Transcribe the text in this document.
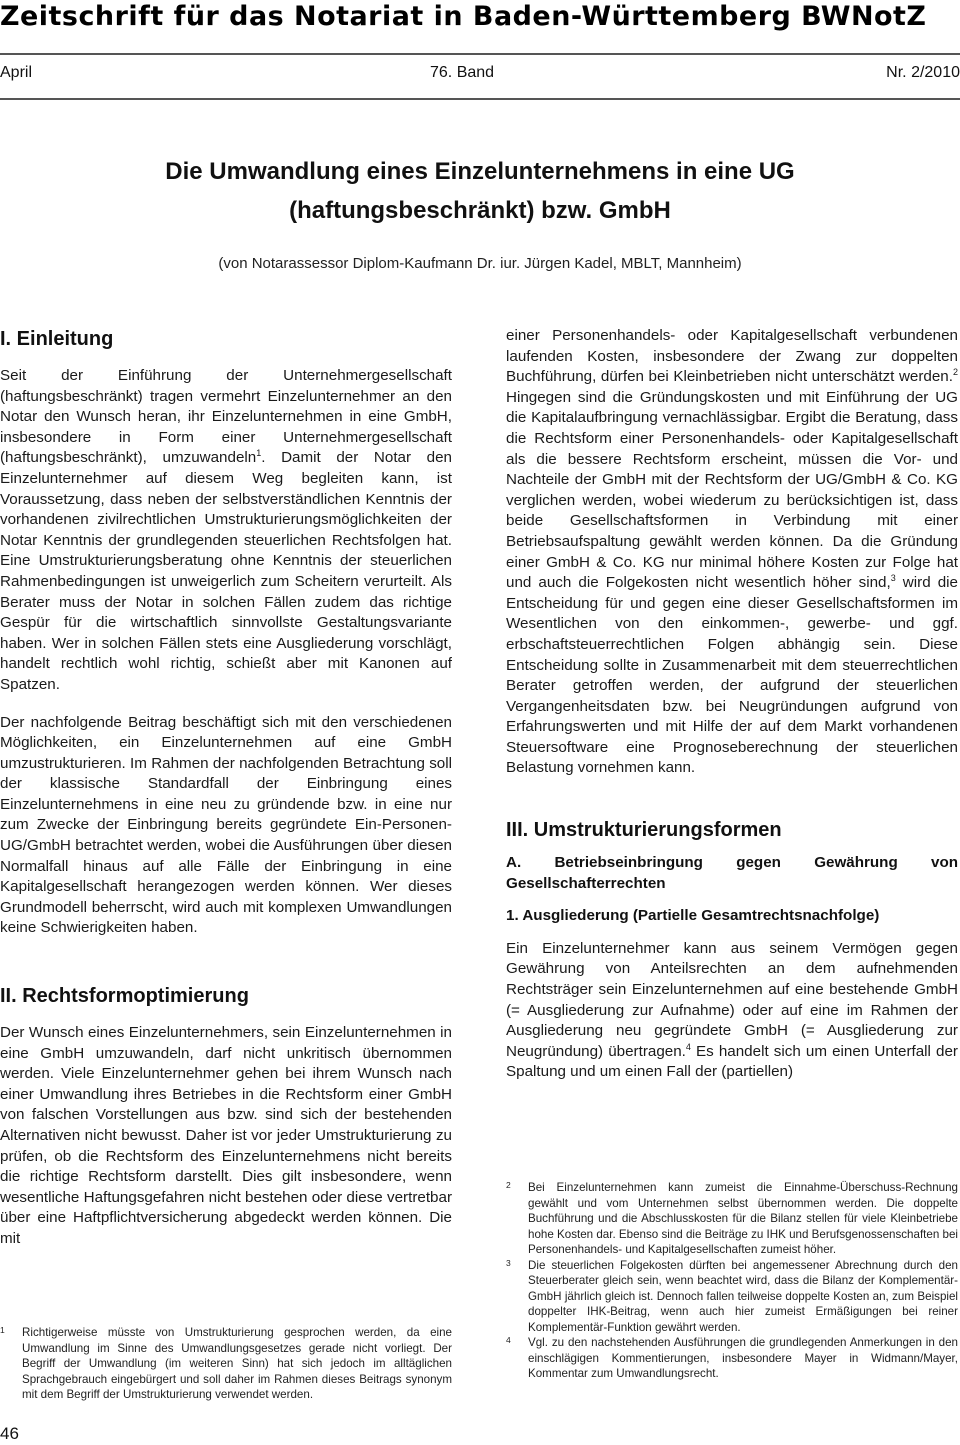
Zeitschrift für das Notariat in Baden-Württemberg BWNotZ
April	76. Band	Nr. 2/2010
Die Umwandlung eines Einzelunternehmens in eine UG
(haftungsbeschränkt) bzw. GmbH
(von Notarassessor Diplom-Kaufmann Dr. iur. Jürgen Kadel, MBLT, Mannheim)
I. Einleitung

Seit der Einführung der Unternehmergesellschaft (haftungsbeschränkt) tragen vermehrt Einzelunternehmer an den Notar den Wunsch heran, ihr Einzelunternehmen in eine GmbH, insbesondere in Form einer Unternehmergesellschaft (haftungsbeschränkt), umzuwandeln$^1$. Damit der Notar den Einzelunternehmer auf diesem Weg begleiten kann, ist Voraussetzung, dass neben der selbstverständlichen Kenntnis der vorhandenen zivilrechtlichen Umstrukturierungsmöglichkeiten der Notar Kenntnis der grundlegenden steuerlichen Rechtsfolgen hat. Eine Umstrukturierungsberatung ohne Kenntnis der steuerlichen Rahmenbedingungen ist unweigerlich zum Scheitern verurteilt. Als Berater muss der Notar in solchen Fällen zudem das richtige Gespür für die wirtschaftlich sinnvollste Gestaltungsvariante haben. Wer in solchen Fällen stets eine Ausgliederung vorschlägt, handelt rechtlich wohl richtig, schießt aber mit Kanonen auf Spatzen.

Der nachfolgende Beitrag beschäftigt sich mit den verschiedenen Möglichkeiten, ein Einzelunternehmen auf eine GmbH umzustrukturieren. Im Rahmen der nachfolgenden Betrachtung soll der klassische Standardfall der Einbringung eines Einzelunternehmens in eine neu zu gründende bzw. in eine nur zum Zwecke der Einbringung bereits gegründete Ein-Personen-UG/GmbH betrachtet werden, wobei die Ausführungen über diesen Normalfall hinaus auf alle Fälle der Einbringung in eine Kapitalgesellschaft herangezogen werden können. Wer dieses Grundmodell beherrscht, wird auch mit komplexen Umwandlungen keine Schwierigkeiten haben.

II. Rechtsformoptimierung

Der Wunsch eines Einzelunternehmers, sein Einzelunternehmen in eine GmbH umzuwandeln, darf nicht unkritisch übernommen werden. Viele Einzelunternehmer gehen bei ihrem Wunsch nach einer Umwandlung ihres Betriebes in die Rechtsform einer GmbH von falschen Vorstellungen aus bzw. sind sich der bestehenden Alternativen nicht bewusst. Daher ist vor jeder Umstrukturierung zu prüfen, ob die Rechtsform des Einzelunternehmens nicht bereits die richtige Rechtsform darstellt. Dies gilt insbesondere, wenn wesentliche Haftungsgefahren nicht bestehen oder diese vertretbar über eine Haftpflichtversicherung abgedeckt werden können. Die mit

einer Personenhandels- oder Kapitalgesellschaft verbundenen laufenden Kosten, insbesondere der Zwang zur doppelten Buchführung, dürfen bei Kleinbetrieben nicht unterschätzt werden.$^2$ Hingegen sind die Gründungskosten und mit Einführung der UG die Kapitalaufbringung vernachlässigbar. Ergibt die Beratung, dass die Rechtsform einer Personenhandels- oder Kapitalgesellschaft als die bessere Rechtsform erscheint, müssen die Vor- und Nachteile der GmbH mit der Rechtsform der UG/GmbH & Co. KG verglichen werden, wobei wiederum zu berücksichtigen ist, dass beide Gesellschaftsformen in Verbindung mit einer Betriebsaufspaltung gewählt werden können. Da die Gründung einer GmbH & Co. KG nur minimal höhere Kosten zur Folge hat und auch die Folgekosten nicht wesentlich höher sind,$^3$ wird die Entscheidung für und gegen eine dieser Gesellschaftsformen im Wesentlichen von den einkommen-, gewerbe- und ggf. erbschaftsteuerrechtlichen Folgen abhängig sein. Diese Entscheidung sollte in Zusammenarbeit mit dem steuerrechtlichen Berater getroffen werden, der aufgrund der steuerlichen Vergangenheitsdaten bzw. bei Neugründungen aufgrund von Erfahrungswerten und mit Hilfe der auf dem Markt vorhandenen Steuersoftware eine Prognoseberechnung der steuerlichen Belastung vornehmen kann.

III. Umstrukturierungsformen
A. Betriebseinbringung gegen Gewährung von Gesellschafterrechten
1. Ausgliederung (Partielle Gesamtrechtsnachfolge)

Ein Einzelunternehmer kann aus seinem Vermögen gegen Gewährung von Anteilsrechten an dem aufnehmenden Rechtsträger sein Einzelunternehmen auf eine bestehende GmbH (= Ausgliederung zur Aufnahme) oder auf eine im Rahmen der Ausgliederung neu gegründete GmbH (= Ausgliederung zur Neugründung) übertragen.$^4$ Es handelt sich um einen Unterfall der Spaltung und um einen Fall der (partiellen)

1 Richtigerweise müsste von Umstrukturierung gesprochen werden, da eine Umwandlung im Sinne des Umwandlungsgesetzes gerade nicht vorliegt. Der Begriff der Umwandlung (im weiteren Sinn) hat sich jedoch im alltäglichen Sprachgebrauch eingebürgert und soll daher im Rahmen dieses Beitrags synonym mit dem Begriff der Umstrukturierung verwendet werden.

2 Bei Einzelunternehmen kann zumeist die Einnahme-Überschuss-Rechnung gewählt und vom Unternehmen selbst übernommen werden. Die doppelte Buchführung und die Abschlusskosten für die Bilanz stellen für viele Kleinbetriebe hohe Kosten dar. Ebenso sind die Beiträge zu IHK und Berufsgenossenschaften bei Personenhandels- und Kapitalgesellschaften zumeist höher.

3 Die steuerlichen Folgekosten dürften bei angemessener Abrechnung durch den Steuerberater gleich sein, wenn beachtet wird, dass die Bilanz der Komplementär-GmbH jährlich gleich ist. Dennoch fallen teilweise doppelte Kosten an, zum Beispiel doppelter IHK-Beitrag, wenn auch hier zumeist Ermäßigungen bei reiner Komplementär-Funktion gewährt werden.

4 Vgl. zu den nachstehenden Ausführungen die grundlegenden Anmerkungen in den einschlägigen Kommentierungen, insbesondere Mayer in Widmann/Mayer, Kommentar zum Umwandlungsrecht.

46
